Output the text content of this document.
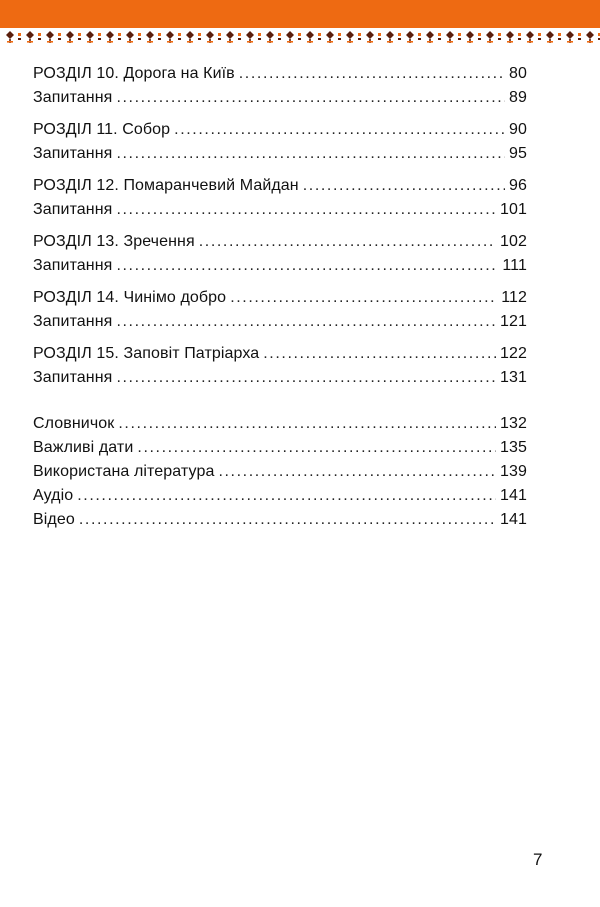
РОЗДІЛ 10. Дорога на Київ .....	80
Запитання .....	89
РОЗДІЛ 11. Собор .....	90
Запитання .....	95
РОЗДІЛ 12. Помаранчевий Майдан .....	96
Запитання .....	101
РОЗДІЛ 13. Зречення .....	102
Запитання .....	111
РОЗДІЛ 14. Чинімо добро .....	112
Запитання .....	121
РОЗДІЛ 15. Заповіт Патріарха .....	122
Запитання .....	131
Словничок .....	132
Важливі дати .....	135
Використана література .....	139
Аудіо .....	141
Відео .....	141
7
